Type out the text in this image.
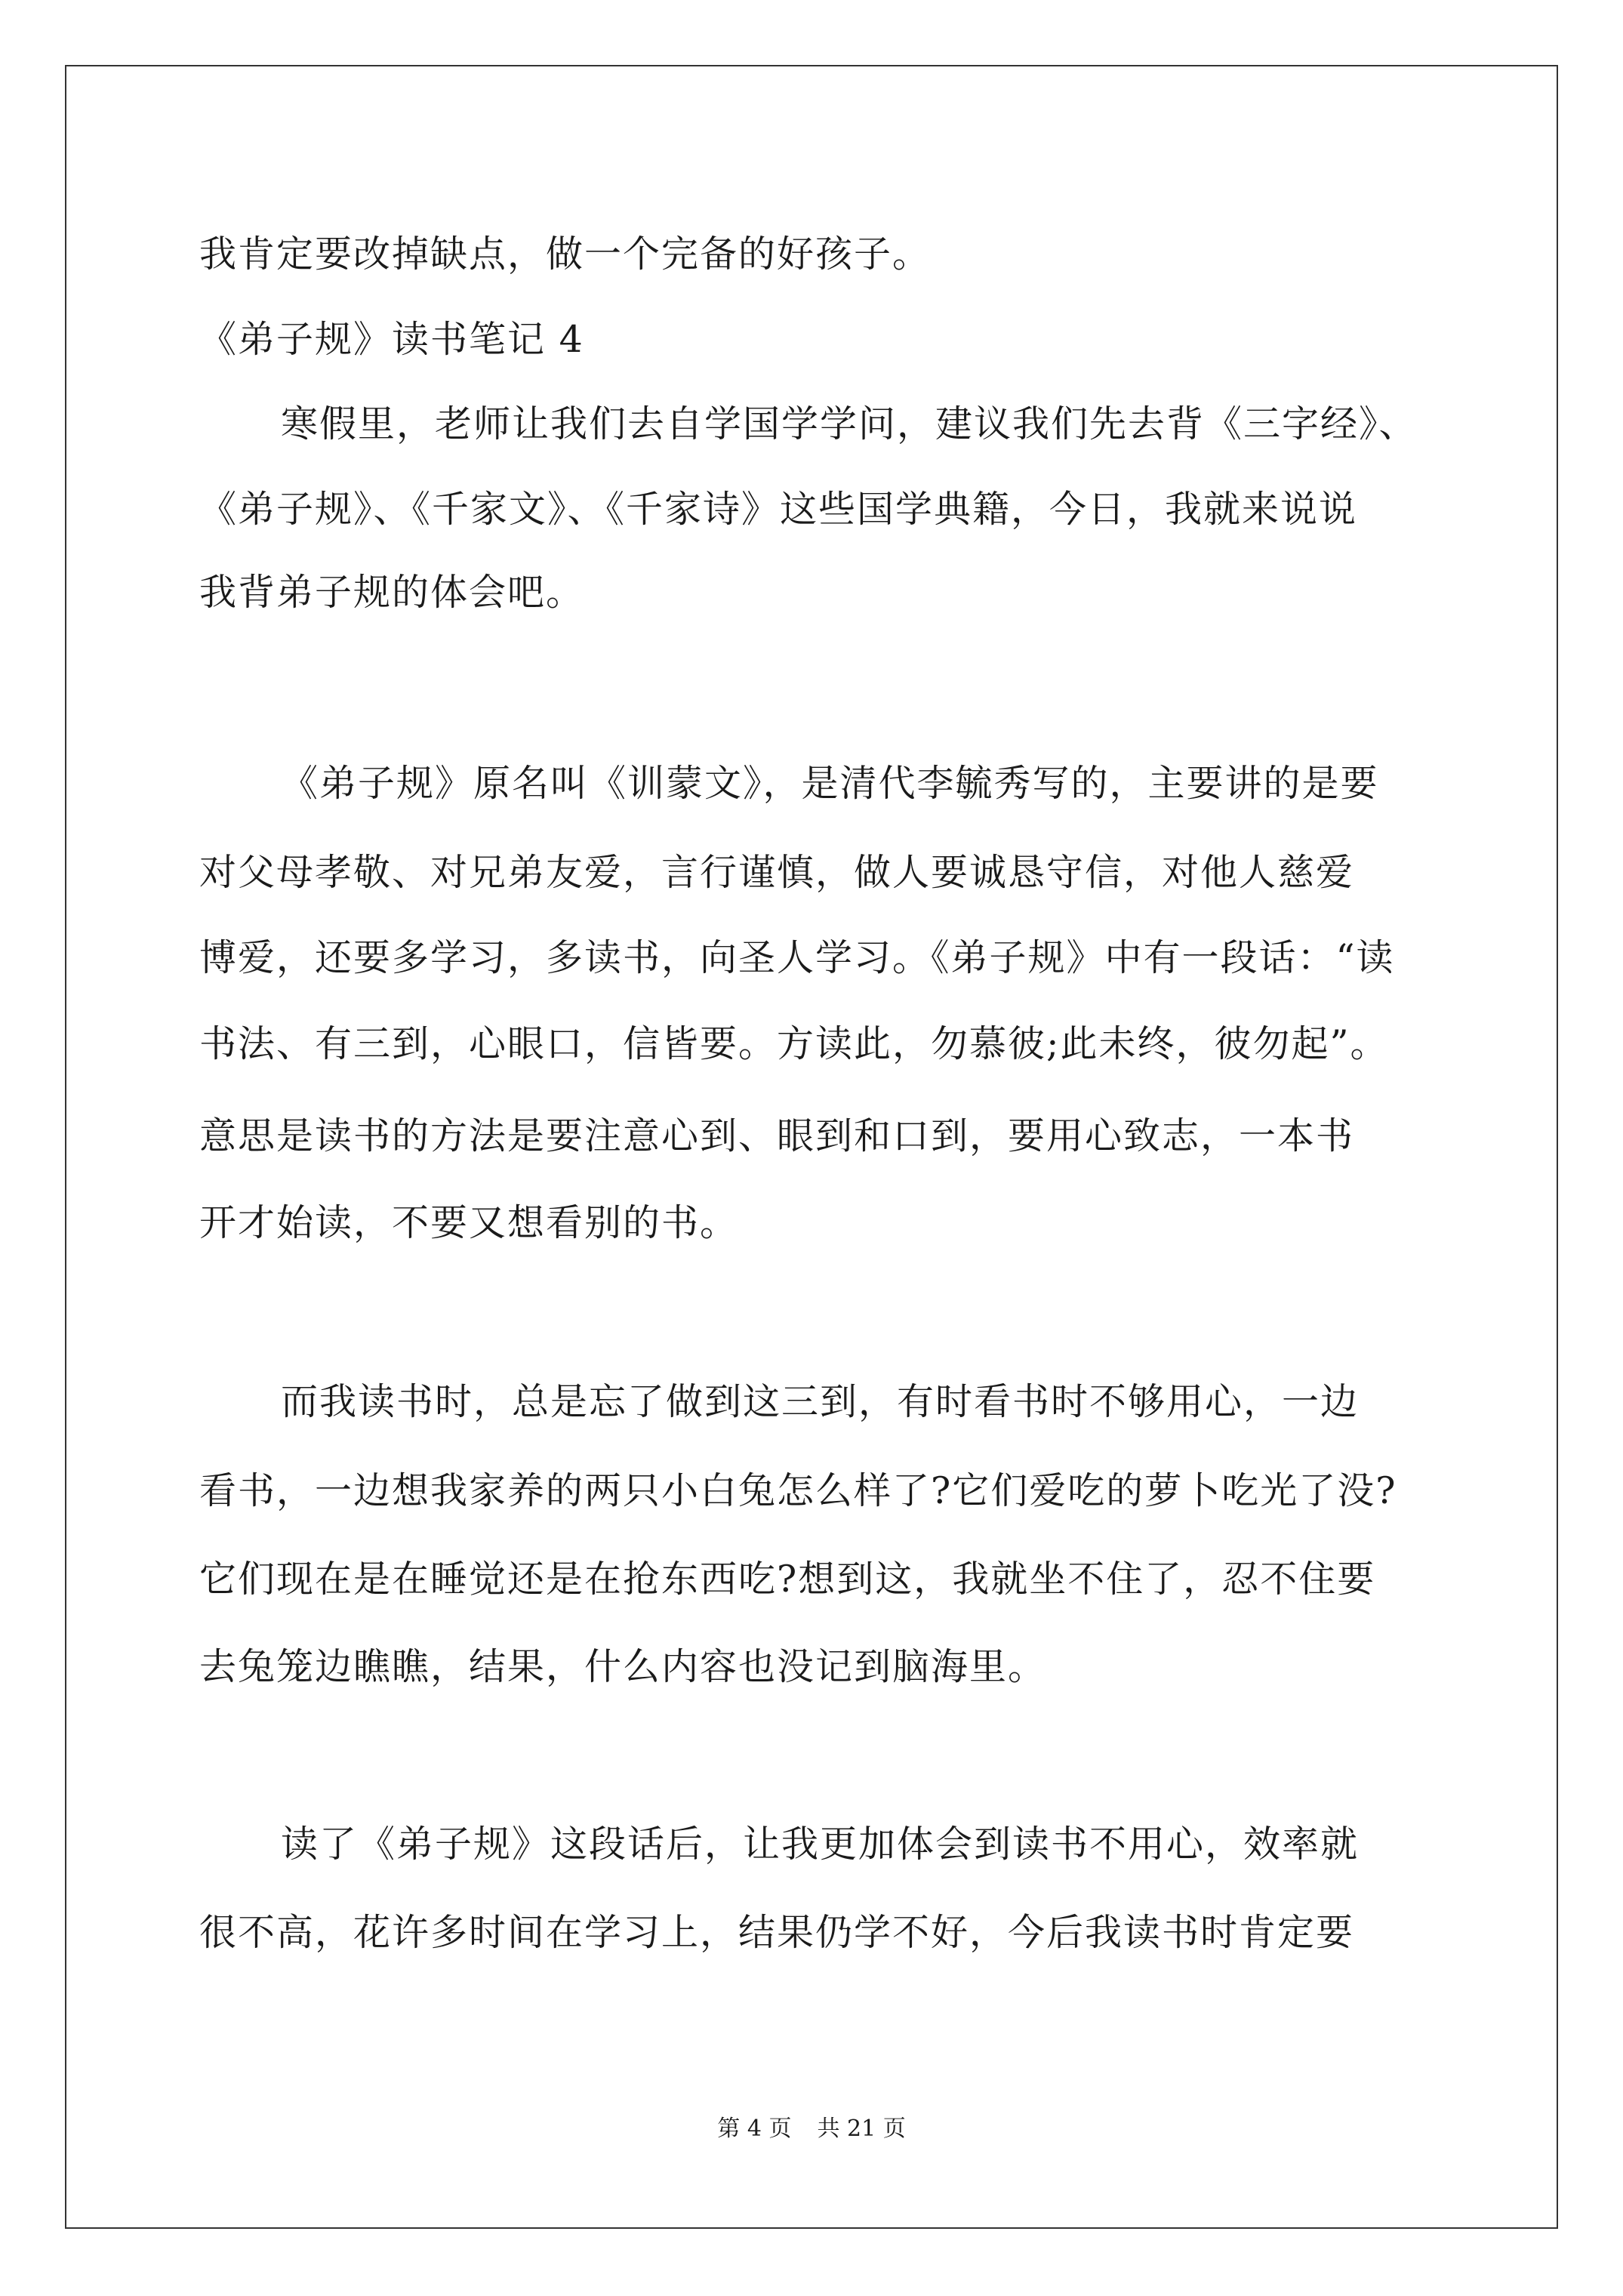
我肯定要改掉缺点，做一个完备的好孩子。
《弟子规》读书笔记 4
寒假里，老师让我们去自学国学学问，建议我们先去背《三字经》、
《弟子规》、《千家文》、《千家诗》这些国学典籍，今日，我就来说说
我背弟子规的体会吧。
《弟子规》原名叫《训蒙文》，是清代李毓秀写的，主要讲的是要
对父母孝敬、对兄弟友爱，言行谨慎，做人要诚恳守信，对他人慈爱
博爱，还要多学习，多读书，向圣人学习。《弟子规》中有一段话：“读
书法、有三到，心眼口，信皆要。方读此，勿慕彼;此未终，彼勿起”。
意思是读书的方法是要注意心到、眼到和口到，要用心致志，一本书
开才始读，不要又想看别的书。
而我读书时，总是忘了做到这三到，有时看书时不够用心，一边
看书，一边想我家养的两只小白兔怎么样了?它们爱吃的萝卜吃光了没?
它们现在是在睡觉还是在抢东西吃?想到这，我就坐不住了，忍不住要
去兔笼边瞧瞧，结果，什么内容也没记到脑海里。
读了《弟子规》这段话后，让我更加体会到读书不用心，效率就
很不高，花许多时间在学习上，结果仍学不好，今后我读书时肯定要
第 4 页 共 21 页
